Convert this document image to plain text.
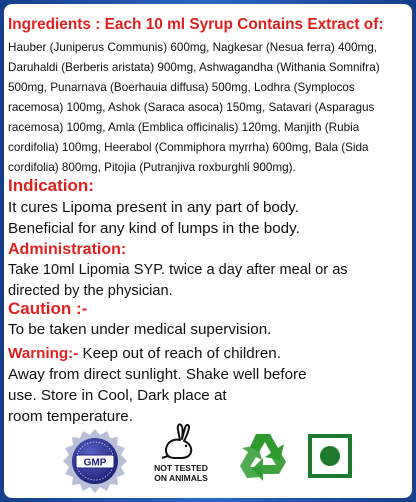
Ingredients : Each 10 ml Syrup Contains Extract of:
Hauber (Juniperus Communis) 600mg, Nagkesar (Nesua ferra) 400mg,
Daruhaldi (Berberis aristata) 900mg, Ashwagandha (Withania Somnifra)
500mg, Punarnava (Boerhauia diffusa) 500mg, Lodhra (Symplocos
racemosa) 100mg, Ashok (Saraca asoca) 150mg, Satavari (Asparagus
racemosa) 100mg, Amla (Emblica officinalis) 120mg, Manjith (Rubia
cordifolia) 100mg, Heerabol (Commiphora myrrha) 600mg, Bala (Sida
cordifolia) 800mg, Pitojia (Putranjiva roxburghli 900mg).
Indication:
It cures Lipoma present in any part of body.
Beneficial for any kind of lumps in the body.
Administration:
Take 10ml Lipomia SYP. twice a day after meal or as
directed by the physician.
Caution :-
To be taken under medical supervision.
Warning:- Keep out of reach of children.
Away from direct sunlight. Shake well before
use. Store in Cool, Dark place at
room temperature.
GMP	NOT TESTED
ON ANIMALS
